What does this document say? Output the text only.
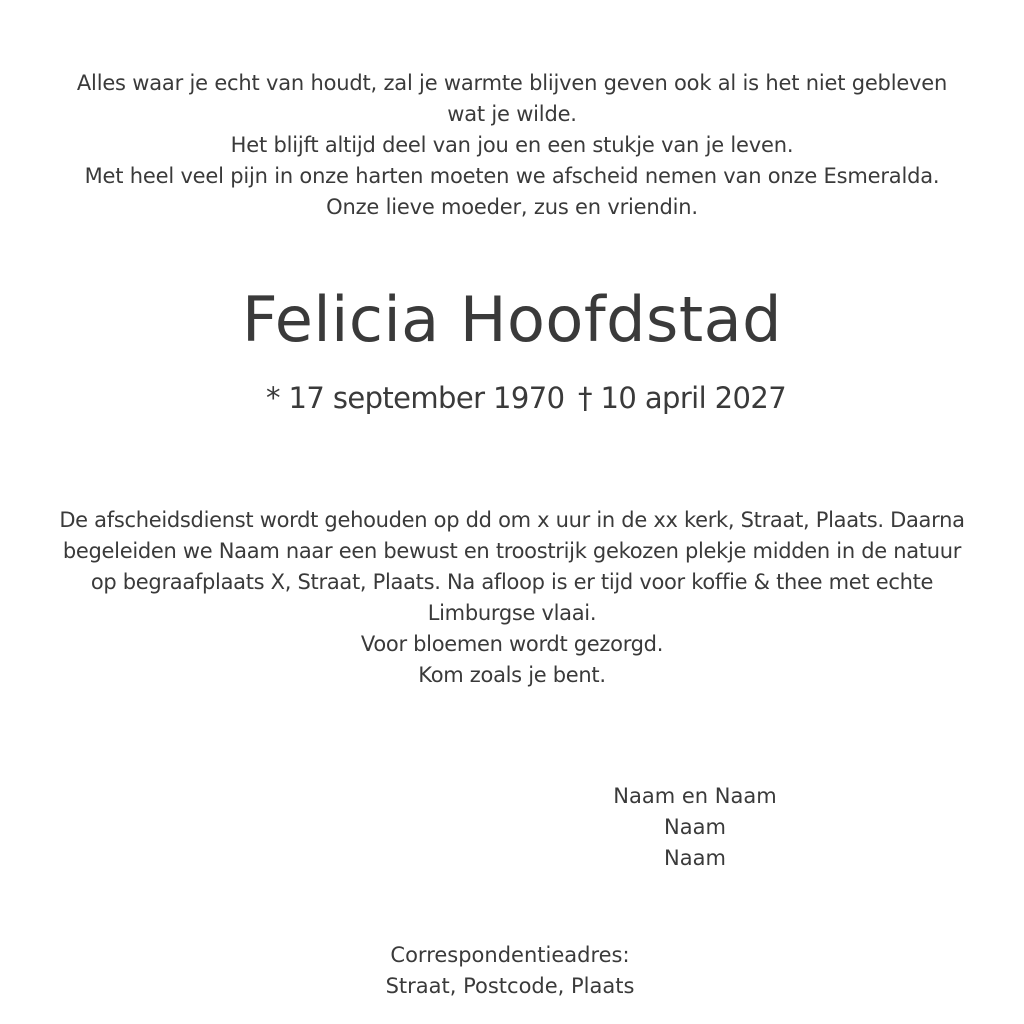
Alles waar je echt van houdt, zal je warmte blijven geven ook al is het niet gebleven
wat je wilde.
Het blijft altijd deel van jou en een stukje van je leven.
Met heel veel pijn in onze harten moeten we afscheid nemen van onze Esmeralda.
Onze lieve moeder, zus en vriendin.
Felicia Hoofdstad
* 17 september 1970 † 10 april 2027
De afscheidsdienst wordt gehouden op dd om x uur in de xx kerk, Straat, Plaats. Daarna
begeleiden we Naam naar een bewust en troostrijk gekozen plekje midden in de natuur
op begraafplaats X, Straat, Plaats. Na afloop is er tijd voor koffie & thee met echte
Limburgse vlaai.
Voor bloemen wordt gezorgd.
Kom zoals je bent.
Naam en Naam
Naam
Naam
Correspondentieadres:
Straat, Postcode, Plaats
